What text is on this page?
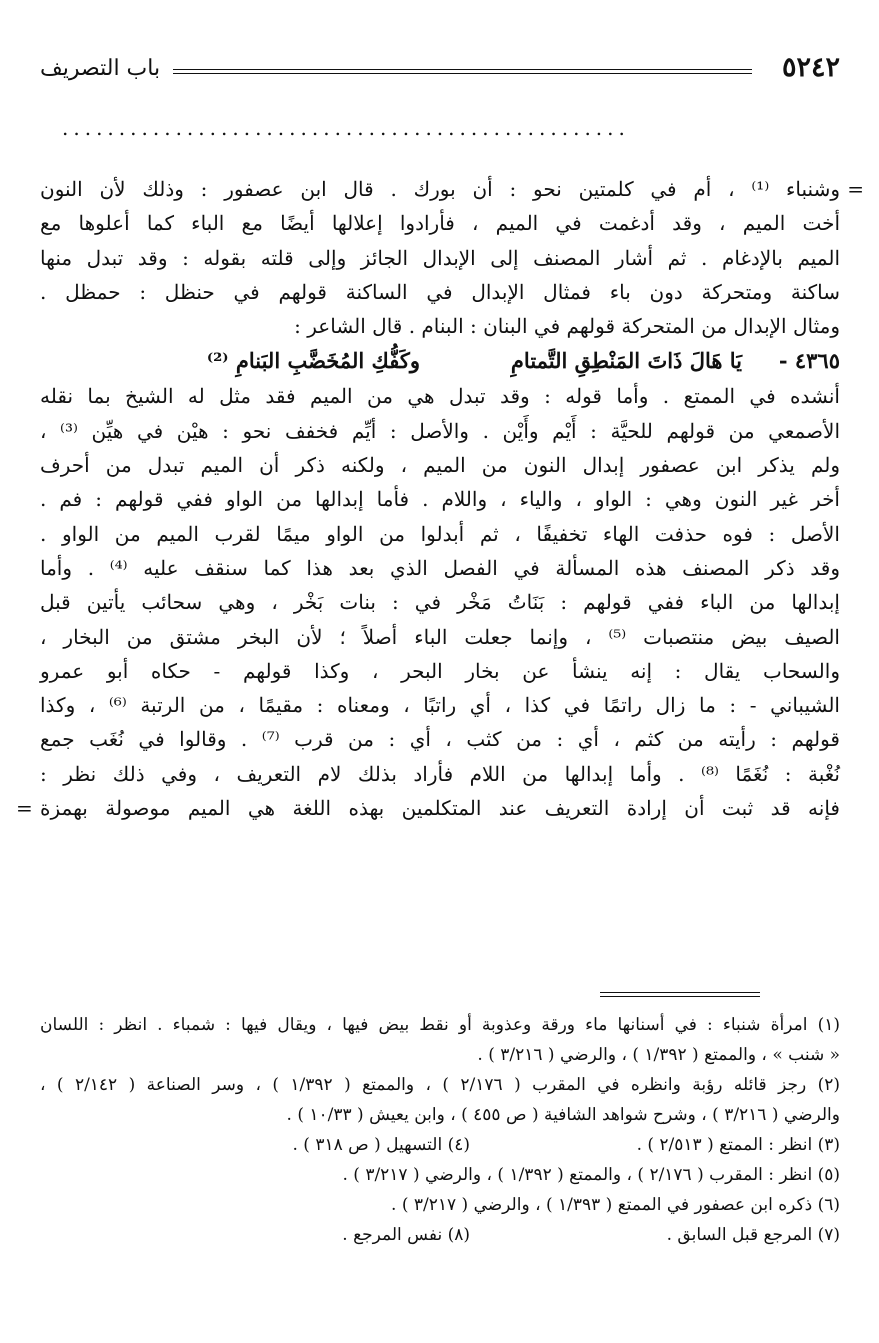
٥٢٤٢
باب التصريف
..................................................
=
وشنباء ⁽¹⁾ ، أم في كلمتين نحو : أن بورك . قال ابن عصفور : وذلك لأن النون
أخت الميم ، وقد أدغمت في الميم ، فأرادوا إعلالها أيضًا مع الباء كما أعلوها مع
الميم بالإدغام . ثم أشار المصنف إلى الإبدال الجائز وإلى قلته بقوله : وقد تبدل منها
ساكنة ومتحركة دون باء فمثال الإبدال في الساكنة قولهم في حنظل : حمظل .
ومثال الإبدال من المتحركة قولهم في البنان : البنام . قال الشاعر :
٤٣٦٥ -
يَا هَالَ ذَاتَ المَنْطِقِ التَّمتامِ
وكَفُّكِ المُخَضَّبِ البَنامِ ⁽²⁾
أنشده في الممتع . وأما قوله : وقد تبدل هي من الميم فقد مثل له الشيخ بما نقله
الأصمعي من قولهم للحيَّة : أَيْم وأَيْن . والأصل : أيِّم فخفف نحو : هيْن في هيِّن ⁽³⁾ ،
ولم يذكر ابن عصفور إبدال النون من الميم ، ولكنه ذكر أن الميم تبدل من أحرف
أخر غير النون وهي : الواو ، والياء ، واللام . فأما إبدالها من الواو ففي قولهم : فم .
الأصل : فوه حذفت الهاء تخفيفًا ، ثم أبدلوا من الواو ميمًا لقرب الميم من الواو .
وقد ذكر المصنف هذه المسألة في الفصل الذي بعد هذا كما سنقف عليه ⁽⁴⁾ . وأما
إبدالها من الباء ففي قولهم : بَنَاتُ مَخْر في : بنات بَخْر ، وهي سحائب يأتين قبل
الصيف بيض منتصبات ⁽⁵⁾ ، وإنما جعلت الباء أصلاً ؛ لأن البخر مشتق من البخار ،
والسحاب يقال : إنه ينشأ عن بخار البحر ، وكذا قولهم - حكاه أبو عمرو
الشيباني - : ما زال راتمًا في كذا ، أي راتبًا ، ومعناه : مقيمًا ، من الرتبة ⁽⁶⁾ ، وكذا
قولهم : رأيته من كثم ، أي : من كثب ، أي : من قرب ⁽⁷⁾ . وقالوا في نُغَب جمع
نُغْبة : نُغَمًا ⁽⁸⁾ . وأما إبدالها من اللام فأراد بذلك لام التعريف ، وفي ذلك نظر :
فإنه قد ثبت أن إرادة التعريف عند المتكلمين بهذه اللغة هي الميم موصولة بهمزة
=
(١) امرأة شنباء : في أسنانها ماء ورقة وعذوبة أو نقط بيض فيها ، ويقال فيها : شمباء . انظر : اللسان
« شنب » ، والممتع ( ١/٣٩٢ ) ، والرضي ( ٣/٢١٦ ) .
(٢) رجز قائله رؤبة وانظره في المقرب ( ٢/١٧٦ ) ، والممتع ( ١/٣٩٢ ) ، وسر الصناعة ( ٢/١٤٢ ) ،
والرضي ( ٣/٢١٦ ) ، وشرح شواهد الشافية ( ص ٤٥٥ ) ، وابن يعيش ( ١٠/٣٣ ) .
(٣) انظر : الممتع ( ٢/٥١٣ ) .
(٤) التسهيل ( ص ٣١٨ ) .
(٥) انظر : المقرب ( ٢/١٧٦ ) ، والممتع ( ١/٣٩٢ ) ، والرضي ( ٣/٢١٧ ) .
(٦) ذكره ابن عصفور في الممتع ( ١/٣٩٣ ) ، والرضي ( ٣/٢١٧ ) .
(٧) المرجع قبل السابق .
(٨) نفس المرجع .
